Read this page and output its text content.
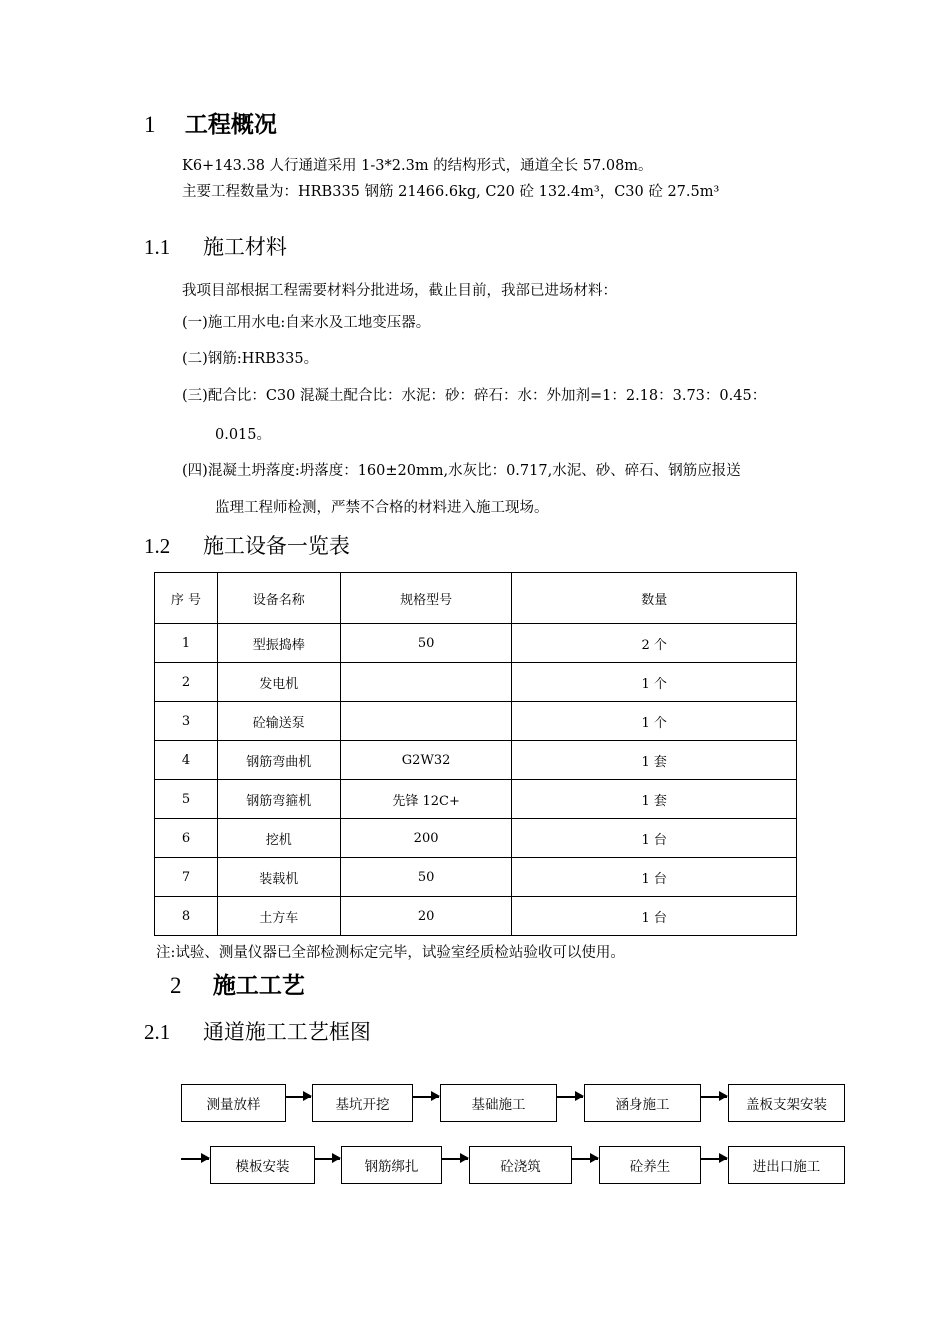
1 工程概况
K6+143.38 人行通道采用 1-3*2.3m 的结构形式，通道全长 57.08m。
主要工程数量为：HRB335 钢筋 21466.6kg, C20 砼 132.4m³，C30 砼 27.5m³
1.1 施工材料
我项目部根据工程需要材料分批进场，截止目前，我部已进场材料：
(一)施工用水电:自来水及工地变压器。
(二)钢筋:HRB335。
(三)配合比：C30 混凝土配合比：水泥：砂：碎石：水：外加剂=1：2.18：3.73：0.45：
0.015。
(四)混凝土坍落度:坍落度：160±20mm,水灰比：0.717,水泥、砂、碎石、钢筋应报送
监理工程师检测，严禁不合格的材料进入施工现场。
1.2 施工设备一览表
序 号	设备名称	规格型号	数量
1	型振捣棒	50	2 个
2	发电机		1 个
3	砼输送泵		1 个
4	钢筋弯曲机	G2W32	1 套
5	钢筋弯箍机	先锋 12C+	1 套
6	挖机	200	1 台
7	装载机	50	1 台
8	土方车	20	1 台
注:试验、测量仪器已全部检测标定完毕，试验室经质检站验收可以使用。
2 施工工艺
2.1 通道施工工艺框图
测量放样	基坑开挖	基础施工	涵身施工	盖板支架安装
模板安装	钢筋绑扎	砼浇筑	砼养生	进出口施工
